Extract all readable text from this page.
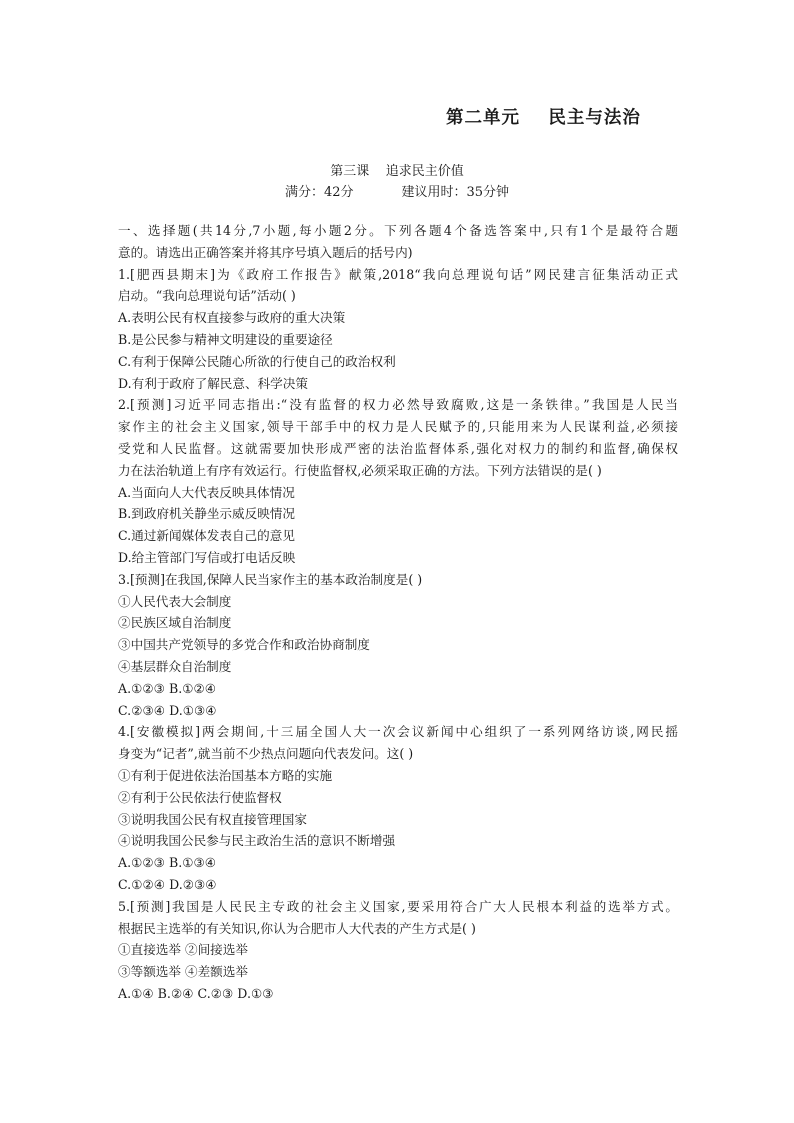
第二单元    民主与法治
第三课    追求民主价值
满分：42分	建议用时：35分钟
一、选择题(共14分,7小题,每小题2分。下列各题4个备选答案中,只有1个是最符合题
意的。请选出正确答案并将其序号填入题后的括号内)
1.[肥西县期末]为《政府工作报告》献策,2018“我向总理说句话”网民建言征集活动正式
启动。“我向总理说句话”活动( )
A.表明公民有权直接参与政府的重大决策
B.是公民参与精神文明建设的重要途径
C.有利于保障公民随心所欲的行使自己的政治权利
D.有利于政府了解民意、科学决策
2.[预测]习近平同志指出:“没有监督的权力必然导致腐败,这是一条铁律。”我国是人民当
家作主的社会主义国家,领导干部手中的权力是人民赋予的,只能用来为人民谋利益,必须接
受党和人民监督。这就需要加快形成严密的法治监督体系,强化对权力的制约和监督,确保权
力在法治轨道上有序有效运行。行使监督权,必须采取正确的方法。下列方法错误的是( )
A.当面向人大代表反映具体情况
B.到政府机关静坐示威反映情况
C.通过新闻媒体发表自己的意见
D.给主管部门写信或打电话反映
3.[预测]在我国,保障人民当家作主的基本政治制度是( )
①人民代表大会制度
②民族区域自治制度
③中国共产党领导的多党合作和政治协商制度
④基层群众自治制度
A.①②③ B.①②④
C.②③④ D.①③④
4.[安徽模拟]两会期间,十三届全国人大一次会议新闻中心组织了一系列网络访谈,网民摇
身变为“记者”,就当前不少热点问题向代表发问。这( )
①有利于促进依法治国基本方略的实施
②有利于公民依法行使监督权
③说明我国公民有权直接管理国家
④说明我国公民参与民主政治生活的意识不断增强
A.①②③ B.①③④
C.①②④ D.②③④
5.[预测]我国是人民民主专政的社会主义国家,要采用符合广大人民根本利益的选举方式。
根据民主选举的有关知识,你认为合肥市人大代表的产生方式是( )
①直接选举 ②间接选举
③等额选举 ④差额选举
A.①④ B.②④ C.②③ D.①③
